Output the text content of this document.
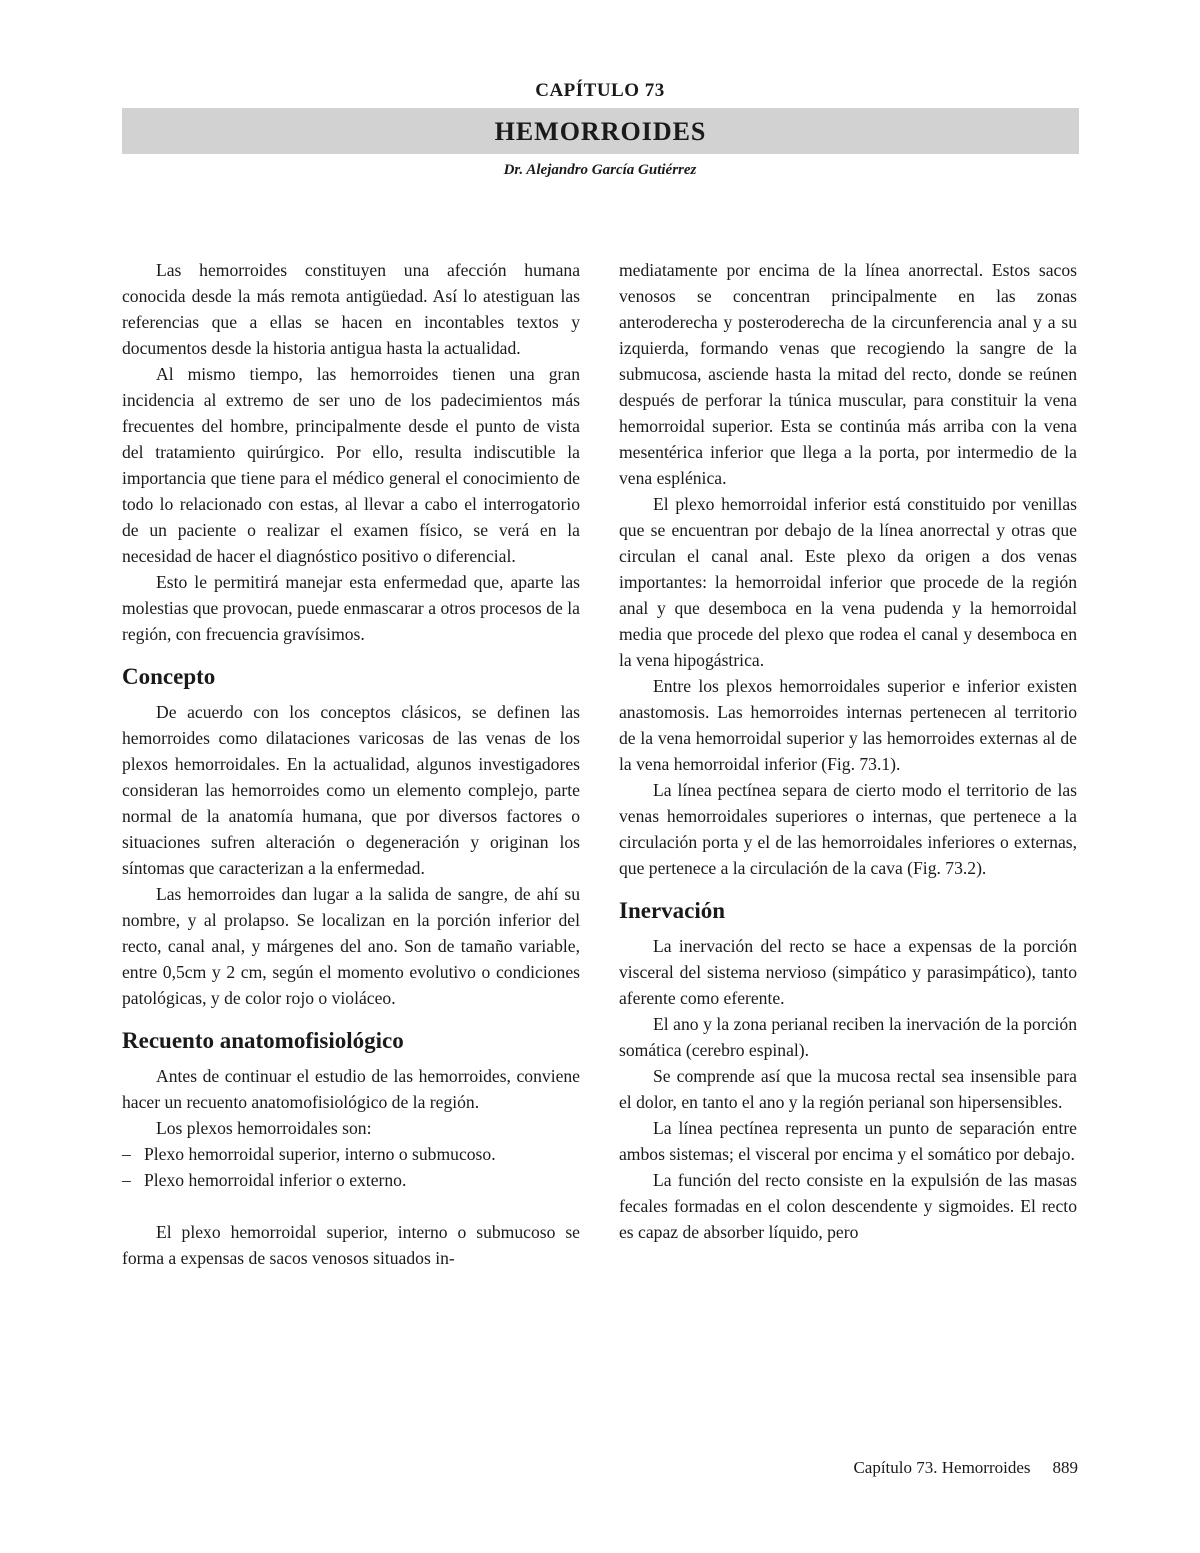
CAPÍTULO 73
HEMORROIDES
Dr. Alejandro García Gutiérrez

Las hemorroides constituyen una afección humana conocida desde la más remota antigüedad. Así lo atestiguan las referencias que a ellas se hacen en incontables textos y documentos desde la historia antigua hasta la actualidad.

Al mismo tiempo, las hemorroides tienen una gran incidencia al extremo de ser uno de los padecimientos más frecuentes del hombre, principalmente desde el punto de vista del tratamiento quirúrgico. Por ello, resulta indiscutible la importancia que tiene para el médico general el conocimiento de todo lo relacionado con estas, al llevar a cabo el interrogatorio de un paciente o realizar el examen físico, se verá en la necesidad de hacer el diagnóstico positivo o diferencial.

Esto le permitirá manejar esta enfermedad que, aparte las molestias que provocan, puede enmascarar a otros procesos de la región, con frecuencia gravísimos.

Concepto

De acuerdo con los conceptos clásicos, se definen las hemorroides como dilataciones varicosas de las venas de los plexos hemorroidales. En la actualidad, algunos investigadores consideran las hemorroides como un elemento complejo, parte normal de la anatomía humana, que por diversos factores o situaciones sufren alteración o degeneración y originan los síntomas que caracterizan a la enfermedad.

Las hemorroides dan lugar a la salida de sangre, de ahí su nombre, y al prolapso. Se localizan en la porción inferior del recto, canal anal, y márgenes del ano. Son de tamaño variable, entre 0,5cm y 2 cm, según el momento evolutivo o condiciones patológicas, y de color rojo o violáceo.

Recuento anatomofisiológico

Antes de continuar el estudio de las hemorroides, conviene hacer un recuento anatomofisiológico de la región.

Los plexos hemorroidales son:

– Plexo hemorroidal superior, interno o submucoso.

– Plexo hemorroidal inferior o externo.

El plexo hemorroidal superior, interno o submucoso se forma a expensas de sacos venosos situados in-

mediatamente por encima de la línea anorrectal. Estos sacos venosos se concentran principalmente en las zonas anteroderecha y posteroderecha de la circunferencia anal y a su izquierda, formando venas que recogiendo la sangre de la submucosa, asciende hasta la mitad del recto, donde se reúnen después de perforar la túnica muscular, para constituir la vena hemorroidal superior. Esta se continúa más arriba con la vena mesentérica inferior que llega a la porta, por intermedio de la vena esplénica.

El plexo hemorroidal inferior está constituido por venillas que se encuentran por debajo de la línea anorrectal y otras que circulan el canal anal. Este plexo da origen a dos venas importantes: la hemorroidal inferior que procede de la región anal y que desemboca en la vena pudenda y la hemorroidal media que procede del plexo que rodea el canal y desemboca en la vena hipogástrica.

Entre los plexos hemorroidales superior e inferior existen anastomosis. Las hemorroides internas pertenecen al territorio de la vena hemorroidal superior y las hemorroides externas al de la vena hemorroidal inferior (Fig. 73.1).

La línea pectínea separa de cierto modo el territorio de las venas hemorroidales superiores o internas, que pertenece a la circulación porta y el de las hemorroidales inferiores o externas, que pertenece a la circulación de la cava (Fig. 73.2).

Inervación

La inervación del recto se hace a expensas de la porción visceral del sistema nervioso (simpático y parasimpático), tanto aferente como eferente.

El ano y la zona perianal reciben la inervación de la porción somática (cerebro espinal).

Se comprende así que la mucosa rectal sea insensible para el dolor, en tanto el ano y la región perianal son hipersensibles.

La línea pectínea representa un punto de separación entre ambos sistemas; el visceral por encima y el somático por debajo.

La función del recto consiste en la expulsión de las masas fecales formadas en el colon descendente y sigmoides. El recto es capaz de absorber líquido, pero

Capítulo 73. Hemorroides 889
